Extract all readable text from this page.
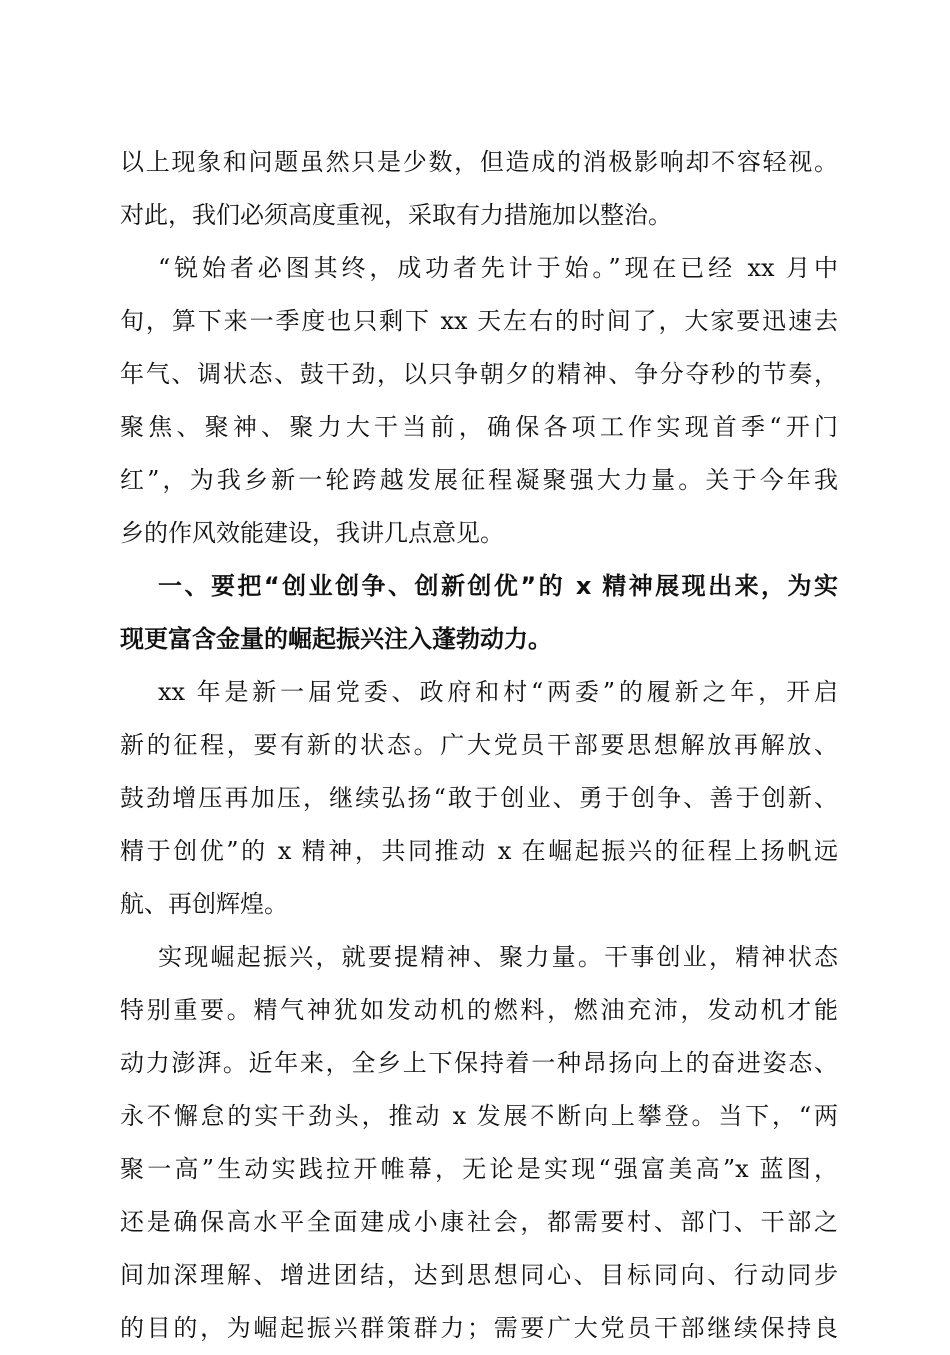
以上现象和问题虽然只是少数，但造成的消极影响却不容轻视。
对此，我们必须高度重视，采取有力措施加以整治。
“锐始者必图其终，成功者先计于始。”现在已经 xx 月中
旬，算下来一季度也只剩下 xx 天左右的时间了，大家要迅速去
年气、调状态、鼓干劲，以只争朝夕的精神、争分夺秒的节奏，
聚焦、聚神、聚力大干当前，确保各项工作实现首季“开门
红”，为我乡新一轮跨越发展征程凝聚强大力量。关于今年我
乡的作风效能建设，我讲几点意见。
一、要把“创业创争、创新创优”的 x 精神展现出来，为实
现更富含金量的崛起振兴注入蓬勃动力。
xx 年是新一届党委、政府和村“两委”的履新之年，开启
新的征程，要有新的状态。广大党员干部要思想解放再解放、
鼓劲增压再加压，继续弘扬“敢于创业、勇于创争、善于创新、
精于创优”的 x 精神，共同推动 x 在崛起振兴的征程上扬帆远
航、再创辉煌。
实现崛起振兴，就要提精神、聚力量。干事创业，精神状态
特别重要。精气神犹如发动机的燃料，燃油充沛，发动机才能
动力澎湃。近年来，全乡上下保持着一种昂扬向上的奋进姿态、
永不懈怠的实干劲头，推动 x 发展不断向上攀登。当下，“两
聚一高”生动实践拉开帷幕，无论是实现“强富美高”x 蓝图，
还是确保高水平全面建成小康社会，都需要村、部门、干部之
间加深理解、增进团结，达到思想同心、目标同向、行动同步
的目的，为崛起振兴群策群力；需要广大党员干部继续保持良
